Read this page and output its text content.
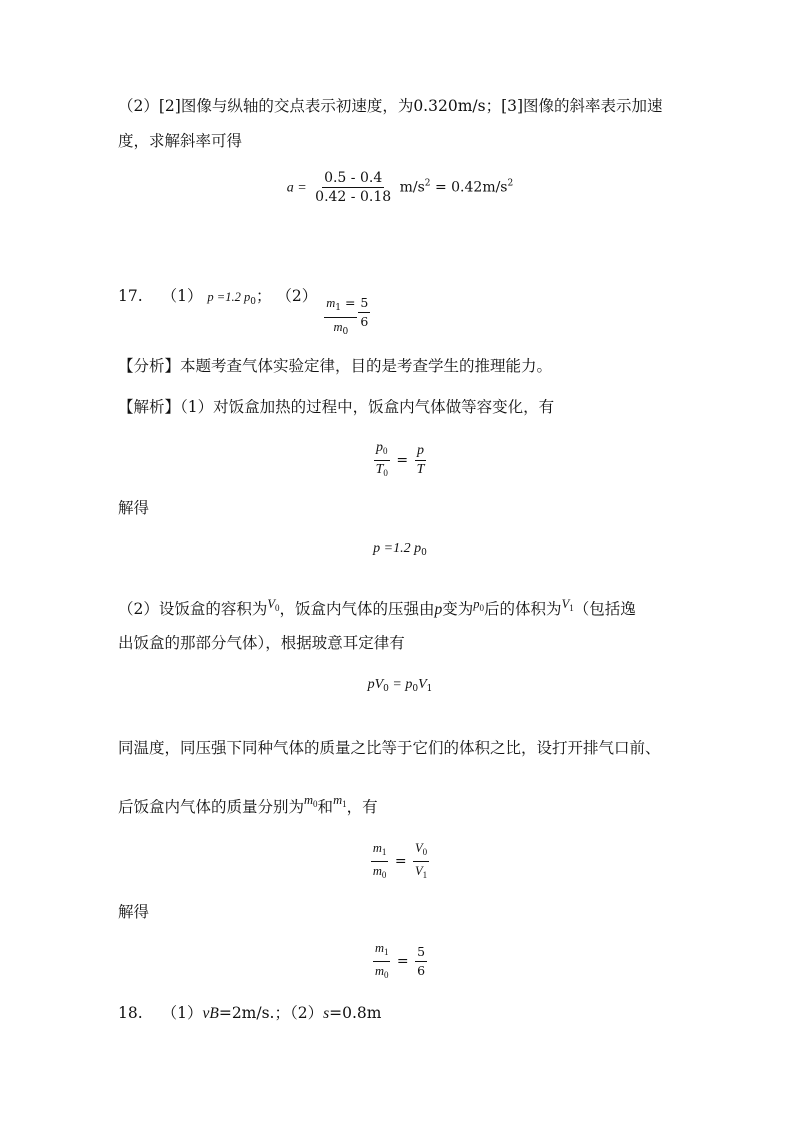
（2）[2]图像与纵轴的交点表示初速度，为0.320m/s；[3]图像的斜率表示加速
度，求解斜率可得
$a = \frac{0.5 - 0.4}{0.42 - 0.18} m/s^2 = 0.42m/s^2$
17. （1） p =1.2 $p_0$； $(2) \frac{m_1 =}{m_0}$
$\frac{5}{6}$
【分析】本题考查气体实验定律，目的是考查学生的推理能力。
【解析】（1）对饭盒加热的过程中，饭盒内气体做等容变化，有
$\frac{p_0}{T_0} = \frac{p}{T}$
解得
p =1.2 $p_0$
（2）设饭盒的容积为$^{V_0}$，饭盒内气体的压强由p变为$^{p_0}$后的体积为$^{V_1}$（包括逸
出饭盒的那部分气体），根据玻意耳定律有
$pV_0 = p_0V_1$
同温度，同压强下同种气体的质量之比等于它们的体积之比，设打开排气口前、
后饭盒内气体的质量分别为$^{m_0}$和$^{m_1}$，有
$\frac{m_1}{m_0} = \frac{V_0}{V_1}$
解得
$\frac{m_1}{m_0} = \frac{5}{6}$
18. （1）vB=2m/s.；（2）s=0.8m
